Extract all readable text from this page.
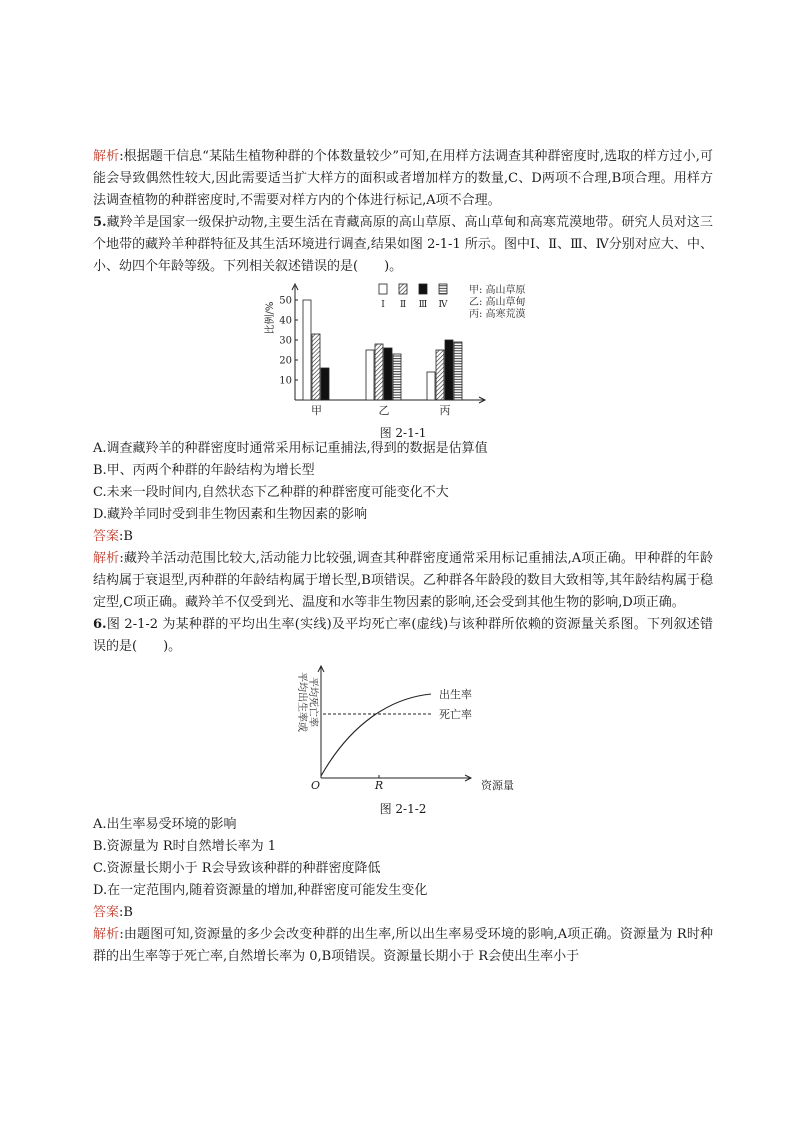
解析:根据题干信息“某陆生植物种群的个体数量较少”可知,在用样方法调查其种群密度时,选取的样方过小,可能会导致偶然性较大,因此需要适当扩大样方的面积或者增加样方的数量,C、D两项不合理,B项合理。用样方法调查植物的种群密度时,不需要对样方内的个体进行标记,A项不合理。

5.藏羚羊是国家一级保护动物,主要生活在青藏高原的高山草原、高山草甸和高寒荒漠地带。研究人员对这三个地带的藏羚羊种群特征及其生活环境进行调查,结果如图 2-1-1 所示。图中Ⅰ、Ⅱ、Ⅲ、Ⅳ分别对应大、中、小、幼四个年龄等级。下列相关叙述错误的是(　　)。

比例/%
10
20
30
40
50
甲	乙	丙
Ⅰ Ⅱ Ⅲ Ⅳ
甲: 高山草原
乙: 高山草甸
丙: 高寒荒漠
图 2-1-1

A.调查藏羚羊的种群密度时通常采用标记重捕法,得到的数据是估算值

B.甲、丙两个种群的年龄结构为增长型

C.未来一段时间内,自然状态下乙种群的种群密度可能变化不大

D.藏羚羊同时受到非生物因素和生物因素的影响

答案:B

解析:藏羚羊活动范围比较大,活动能力比较强,调查其种群密度通常采用标记重捕法,A项正确。甲种群的年龄结构属于衰退型,丙种群的年龄结构属于增长型,B项错误。乙种群各年龄段的数目大致相等,其年龄结构属于稳定型,C项正确。藏羚羊不仅受到光、温度和水等非生物因素的影响,还会受到其他生物的影响,D项正确。

6.图 2-1-2 为某种群的平均出生率(实线)及平均死亡率(虚线)与该种群所依赖的资源量关系图。下列叙述错误的是(　　)。

平均出生率或 平均死亡率
O	R	资源量
出生率
死亡率
图 2-1-2

A.出生率易受环境的影响

B.资源量为 R时自然增长率为 1

C.资源量长期小于 R会导致该种群的种群密度降低

D.在一定范围内,随着资源量的增加,种群密度可能发生变化

答案:B

解析:由题图可知,资源量的多少会改变种群的出生率,所以出生率易受环境的影响,A项正确。资源量为 R时种群的出生率等于死亡率,自然增长率为 0,B项错误。资源量长期小于 R会使出生率小于
